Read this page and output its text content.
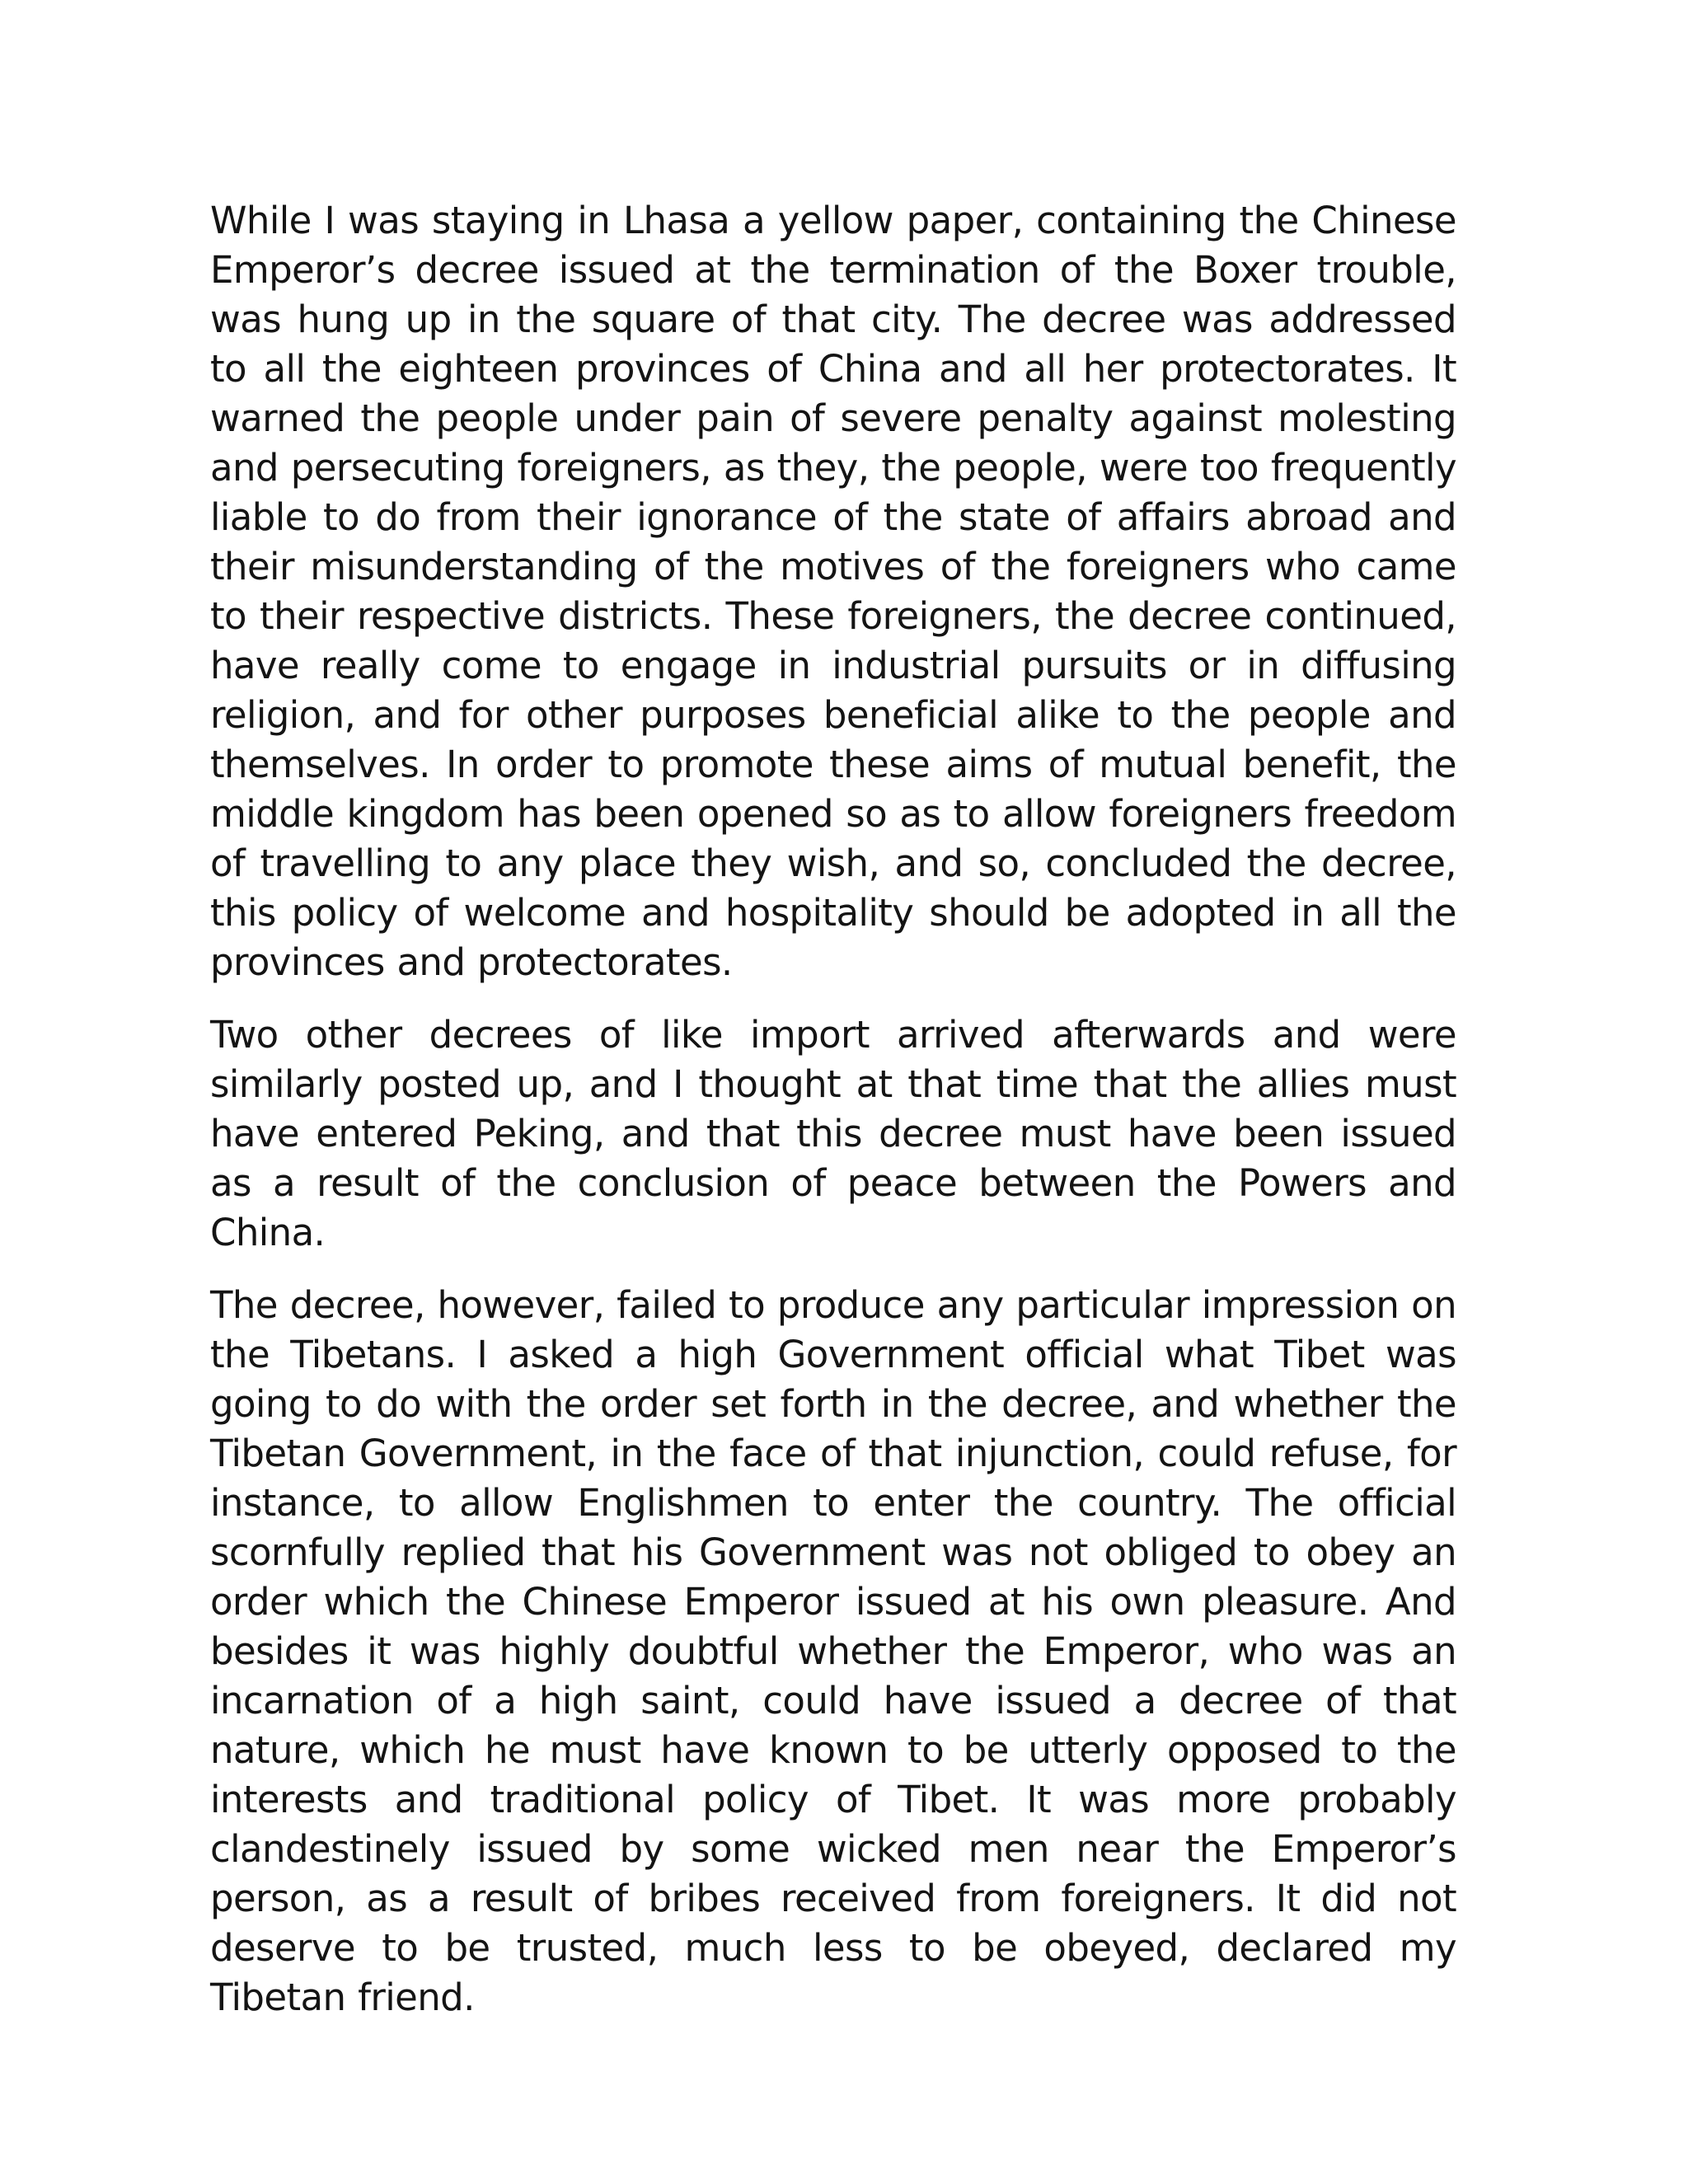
While I was staying in Lhasa a yellow paper, containing the Chinese Emperor’s decree issued at the termination of the Boxer trouble, was hung up in the square of that city. The decree was addressed to all the eighteen provinces of China and all her protectorates. It warned the people under pain of severe penalty against molesting and persecuting foreigners, as they, the people, were too frequently liable to do from their ignorance of the state of affairs abroad and their misunderstanding of the motives of the foreigners who came to their respective districts. These foreigners, the decree continued, have really come to engage in industrial pursuits or in diffusing religion, and for other purposes beneficial alike to the people and themselves. In order to promote these aims of mutual benefit, the middle kingdom has been opened so as to allow foreigners freedom of travelling to any place they wish, and so, concluded the decree, this policy of welcome and hospitality should be adopted in all the provinces and protectorates.

Two other decrees of like import arrived afterwards and were similarly posted up, and I thought at that time that the allies must have entered Peking, and that this decree must have been issued as a result of the conclusion of peace between the Powers and China.

The decree, however, failed to produce any particular impression on the Tibetans. I asked a high Government official what Tibet was going to do with the order set forth in the decree, and whether the Tibetan Government, in the face of that injunction, could refuse, for instance, to allow Englishmen to enter the country. The official scornfully replied that his Government was not obliged to obey an order which the Chinese Emperor issued at his own pleasure. And besides it was highly doubtful whether the Emperor, who was an incarnation of a high saint, could have issued a decree of that nature, which he must have known to be utterly opposed to the interests and traditional policy of Tibet. It was more probably clandestinely issued by some wicked men near the Emperor’s person, as a result of bribes received from foreigners. It did not deserve to be trusted, much less to be obeyed, declared my Tibetan friend.
